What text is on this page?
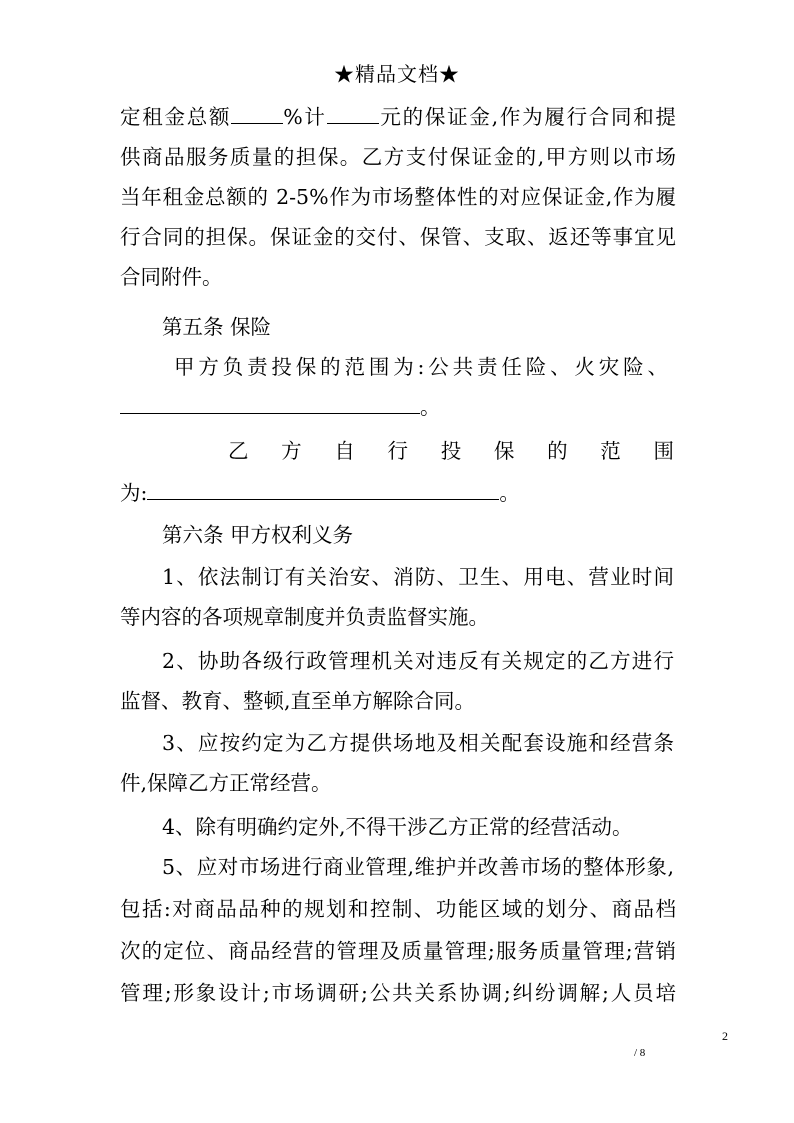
★精品文档★
定租金总额	%计	元的保证金,作为履行合同和提
供商品服务质量的担保。乙方支付保证金的,甲方则以市场
当年租金总额的 2-5%作为市场整体性的对应保证金,作为履
行合同的担保。保证金的交付、保管、支取、返还等事宜见
合同附件。
第五条 保险
甲方负责投保的范围为:公共责任险、火灾险、
。
乙方自行投保的范围
为:	。
第六条 甲方权利义务
1、依法制订有关治安、消防、卫生、用电、营业时间
等内容的各项规章制度并负责监督实施。
2、协助各级行政管理机关对违反有关规定的乙方进行
监督、教育、整顿,直至单方解除合同。
3、应按约定为乙方提供场地及相关配套设施和经营条
件,保障乙方正常经营。
4、除有明确约定外,不得干涉乙方正常的经营活动。
5、应对市场进行商业管理,维护并改善市场的整体形象,
包括:对商品品种的规划和控制、功能区域的划分、商品档
次的定位、商品经营的管理及质量管理;服务质量管理;营销
管理;形象设计;市场调研;公共关系协调;纠纷调解;人员培
2
/ 8
